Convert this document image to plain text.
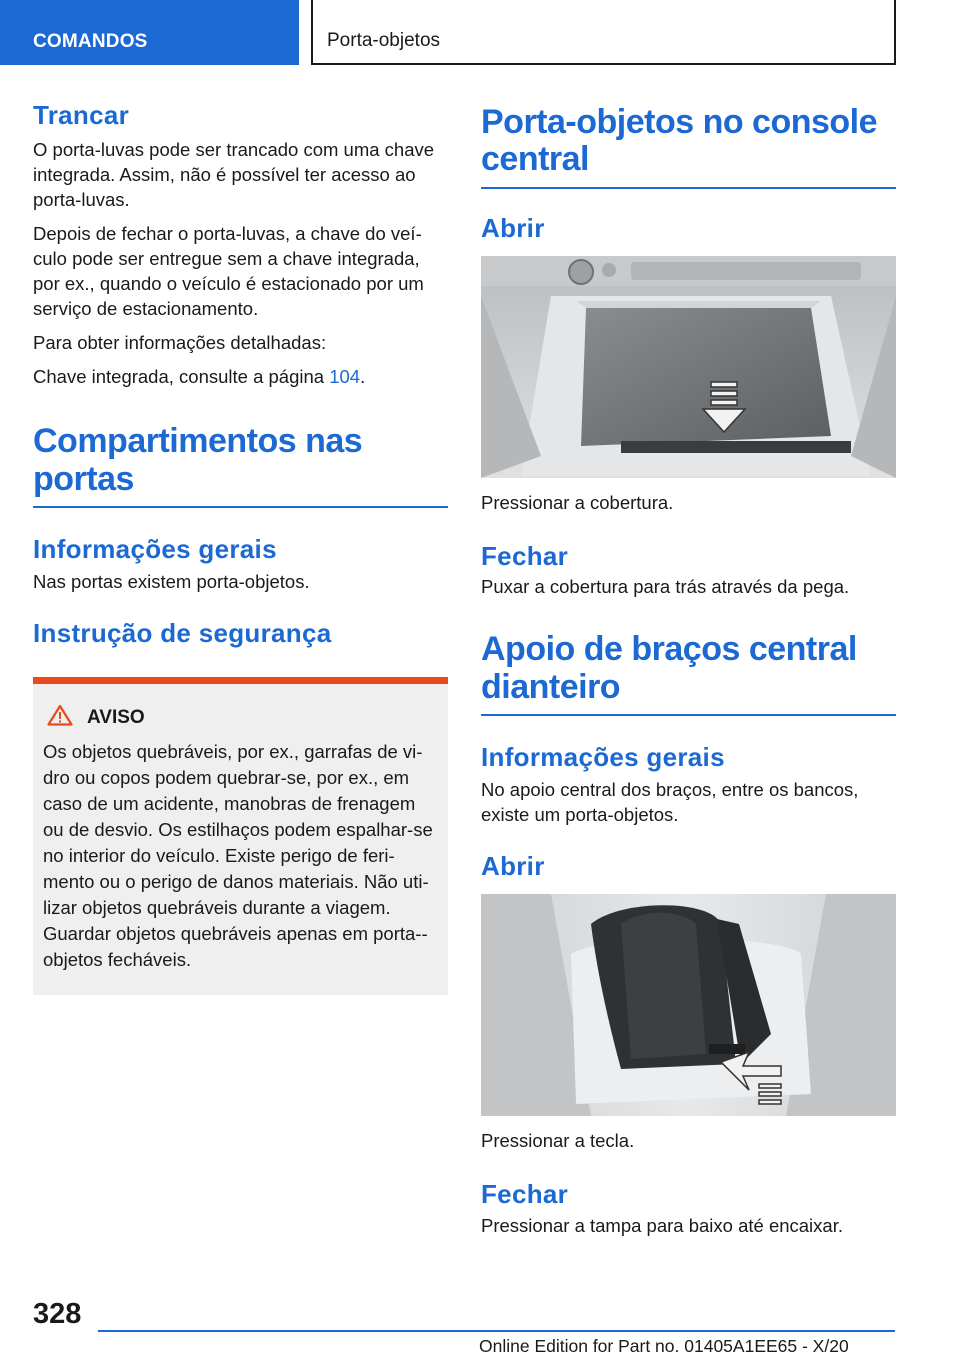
COMANDOS	Porta-objetos
Trancar

O porta-luvas pode ser trancado com uma chave integrada. Assim, não é possível ter acesso ao porta-luvas.

Depois de fechar o porta-luvas, a chave do veículo pode ser entregue sem a chave integrada, por ex., quando o veículo é estacionado por um serviço de estacionamento.

Para obter informações detalhadas:

Chave integrada, consulte a página 104.

Compartimentos nas portas
Informações gerais

Nas portas existem porta-objetos.

Instrução de segurança
AVISO

Os objetos quebráveis, por ex., garrafas de vidro ou copos podem quebrar-se, por ex., em caso de um acidente, manobras de frenagem ou de desvio. Os estilhaços podem espalhar-se no interior do veículo. Existe perigo de ferimento ou o perigo de danos materiais. Não utilizar objetos quebráveis durante a viagem. Guardar objetos quebráveis apenas em porta-objetos fecháveis.

Porta-objetos no console central
Abrir

Pressionar a cobertura.

Fechar

Puxar a cobertura para trás através da pega.

Apoio de braços central dianteiro
Informações gerais

No apoio central dos braços, entre os bancos, existe um porta-objetos.

Abrir

Pressionar a tecla.

Fechar

Pressionar a tampa para baixo até encaixar.

328
Online Edition for Part no. 01405A1EE65 - X/20
